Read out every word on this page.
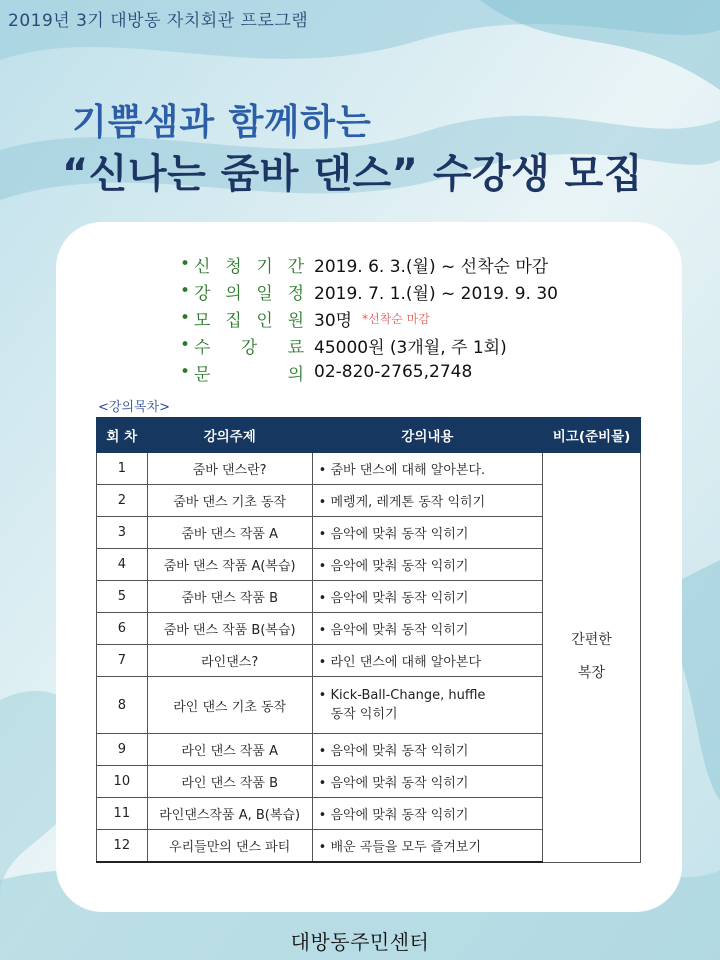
2019년 3기 대방동 자치회관 프로그램
기쁨샘과 함께하는
“신나는 줌바 댄스” 수강생 모집
• 신 청 기 간 2019. 6. 3.(월) ~ 선착순 마감
• 강 의 일 정 2019. 7. 1.(월) ~ 2019. 9. 30
• 모 집 인 원 30명 *선착순 마감
• 수 강 료 45000원 (3개월, 주 1회)
• 문	의 02-820-2765,2748
<강의목차>
회 차	강의주제	강의내용	비고(준비물)
1	줌바 댄스란?	• 줌바 댄스에 대해 알아본다.	간편한
복장
2	줌바 댄스 기초 동작	• 메렝게, 레게톤 동작 익히기	
3	줌바 댄스 작품 A	• 음악에 맞춰 동작 익히기	
4	줌바 댄스 작품 A(복습)	• 음악에 맞춰 동작 익히기	
5	줌바 댄스 작품 B	• 음악에 맞춰 동작 익히기	
6	줌바 댄스 작품 B(복습)	• 음악에 맞춰 동작 익히기	
7	라인댄스?	• 라인 댄스에 대해 알아본다	
8	라인 댄스 기초 동작	• Kick-Ball-Change, huffle
동작 익히기	
9	라인 댄스 작품 A	• 음악에 맞춰 동작 익히기	
10	라인 댄스 작품 B	• 음악에 맞춰 동작 익히기	
11	라인댄스작품 A, B(복습)	• 음악에 맞춰 동작 익히기	
12	우리들만의 댄스 파티	• 배운 곡들을 모두 즐겨보기	
대방동주민센터
